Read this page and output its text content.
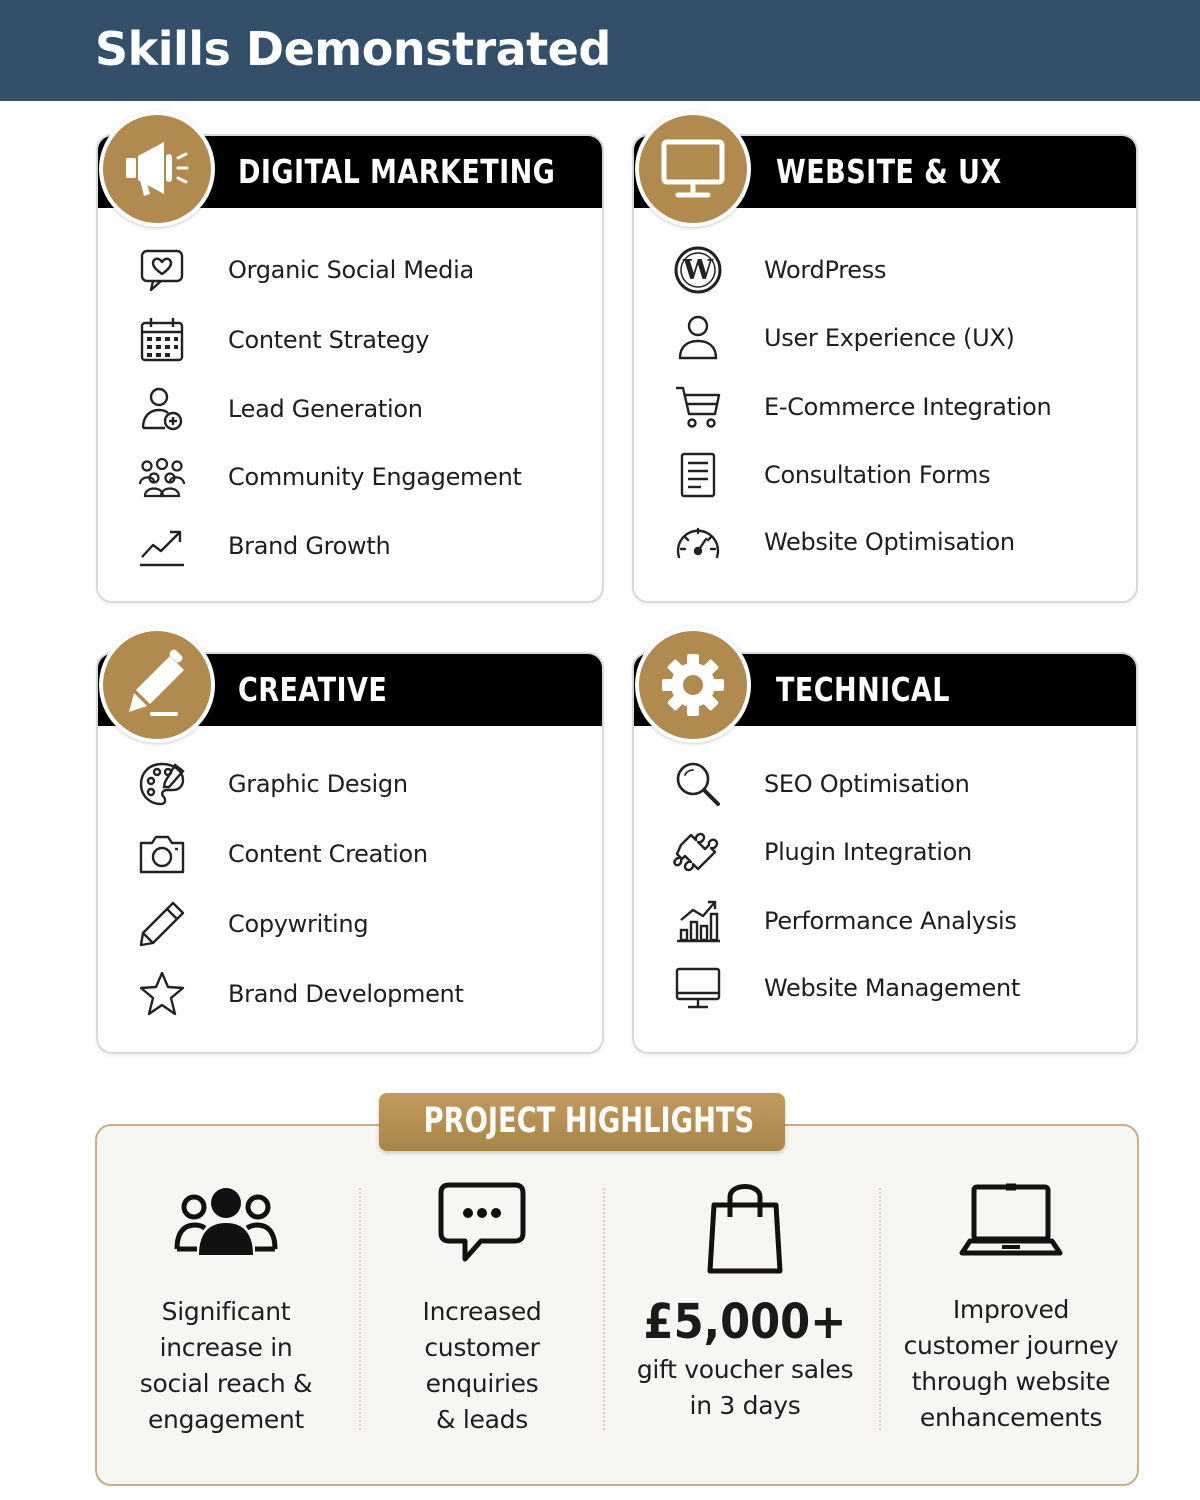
Skills Demonstrated
DIGITAL MARKETING
Organic Social Media
Content Strategy
Lead Generation
Community Engagement
Brand Growth
WEBSITE & UX
W WordPress
User Experience (UX)
E-Commerce Integration
Consultation Forms
Website Optimisation
CREATIVE
Graphic Design
Content Creation
Copywriting
Brand Development
TECHNICAL
SEO Optimisation
Plugin Integration
Performance Analysis
Website Management
PROJECT HIGHLIGHTS
Significant
increase in
social reach &
engagement
Increased
customer
enquiries
& leads
£5,000+
gift voucher sales
in 3 days
Improved
customer journey
through website
enhancements
